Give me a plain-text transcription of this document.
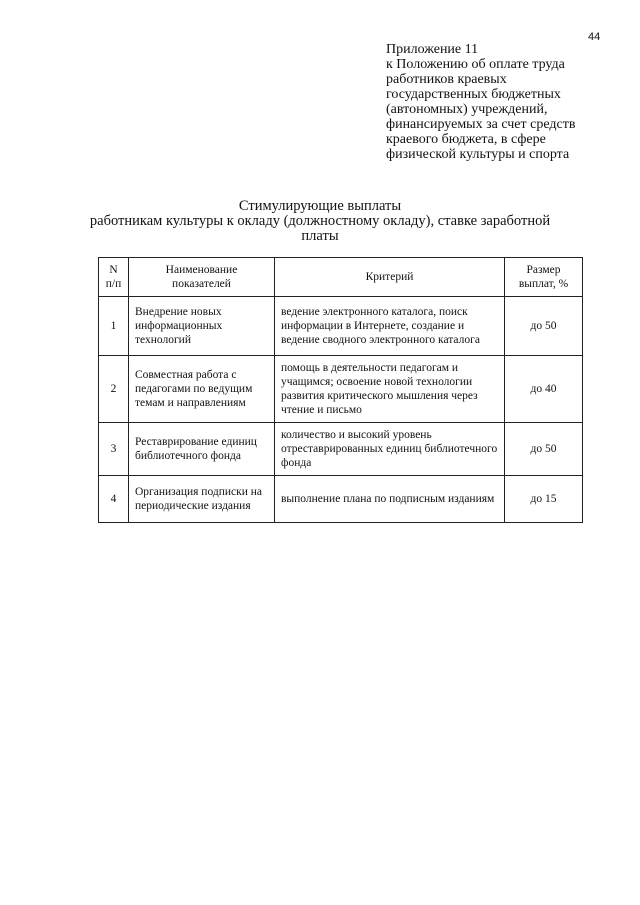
44
Приложение 11
к Положению об оплате труда
работников краевых
государственных бюджетных
(автономных) учреждений,
финансируемых за счет средств
краевого бюджета, в сфере
физической культуры и спорта
Стимулирующие выплаты
работникам культуры к окладу (должностному окладу), ставке заработной
платы
N п/п	Наименование показателей	Критерий	Размер выплат, %
1	Внедрение новых информационных технологий	ведение электронного каталога, поиск информации в Интернете, создание и ведение сводного электронного каталога	до 50
2	Совместная работа с педагогами по ведущим темам и направлениям	помощь в деятельности педагогам и учащимся; освоение новой технологии развития критического мышления через чтение и письмо	до 40
3	Реставрирование единиц библиотечного фонда	количество и высокий уровень отреставрированных единиц библиотечного фонда	до 50
4	Организация подписки на периодические издания	выполнение плана по подписным изданиям	до 15
